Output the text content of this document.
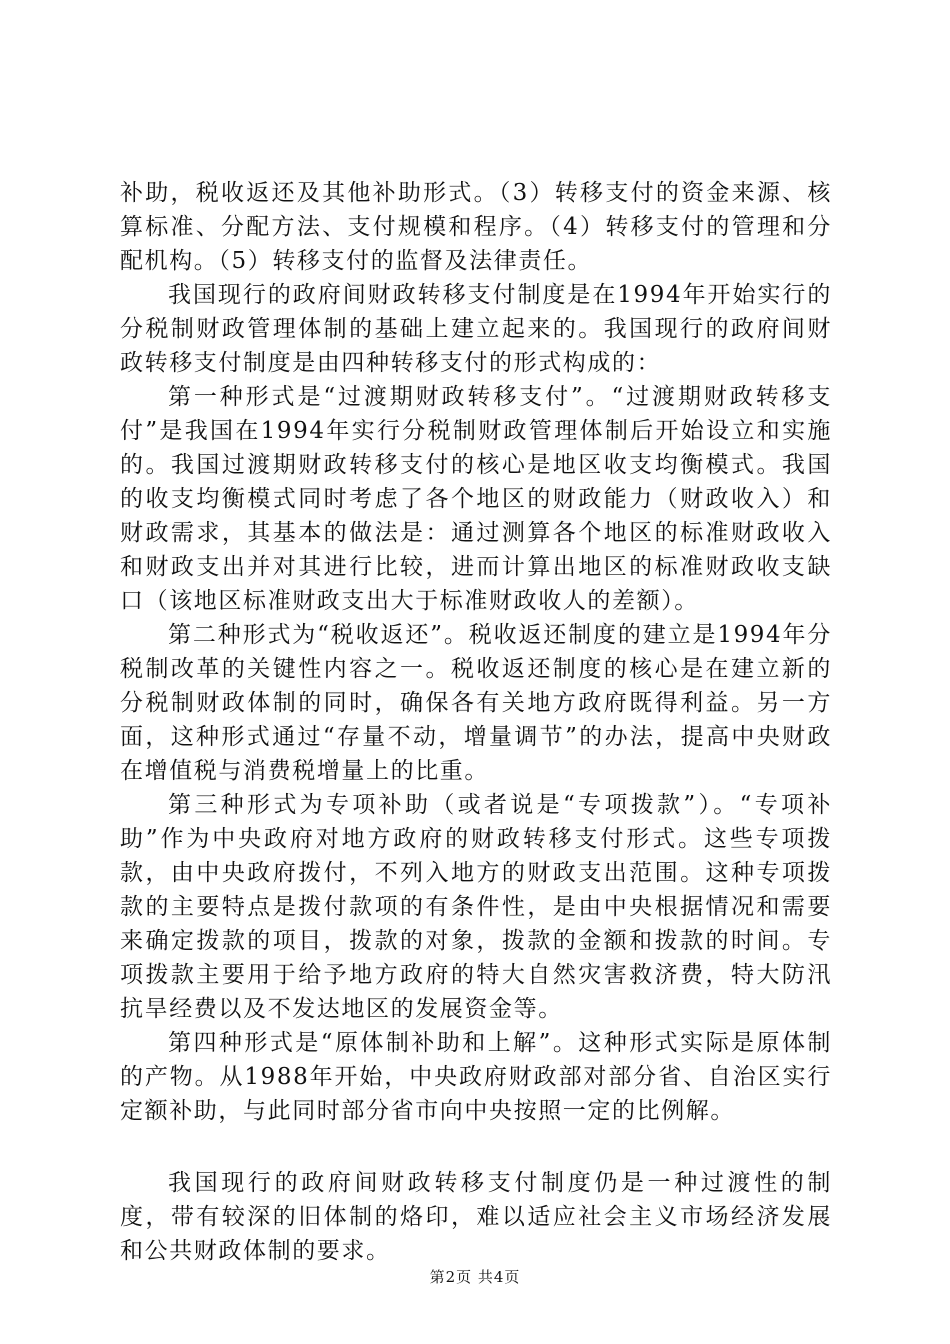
补助，税收返还及其他补助形式。（3）转移支付的资金来源、核算标准、分配方法、支付规模和程序。（4）转移支付的管理和分配机构。（5）转移支付的监督及法律责任。

我国现行的政府间财政转移支付制度是在1994年开始实行的分税制财政管理体制的基础上建立起来的。我国现行的政府间财政转移支付制度是由四种转移支付的形式构成的：

第一种形式是“过渡期财政转移支付”。“过渡期财政转移支付”是我国在1994年实行分税制财政管理体制后开始设立和实施的。我国过渡期财政转移支付的核心是地区收支均衡模式。我国的收支均衡模式同时考虑了各个地区的财政能力（财政收入）和财政需求，其基本的做法是：通过测算各个地区的标准财政收入和财政支出并对其进行比较，进而计算出地区的标准财政收支缺口（该地区标准财政支出大于标准财政收人的差额）。

第二种形式为“税收返还”。税收返还制度的建立是1994年分税制改革的关键性内容之一。税收返还制度的核心是在建立新的分税制财政体制的同时，确保各有关地方政府既得利益。另一方面，这种形式通过“存量不动，增量调节”的办法，提高中央财政在增值税与消费税增量上的比重。

第三种形式为专项补助（或者说是“专项拨款”）。“专项补助”作为中央政府对地方政府的财政转移支付形式。这些专项拨款，由中央政府拨付，不列入地方的财政支出范围。这种专项拨款的主要特点是拨付款项的有条件性，是由中央根据情况和需要来确定拨款的项目，拨款的对象，拨款的金额和拨款的时间。专项拨款主要用于给予地方政府的特大自然灾害救济费，特大防汛抗旱经费以及不发达地区的发展资金等。

第四种形式是“原体制补助和上解”。这种形式实际是原体制的产物。从1988年开始，中央政府财政部对部分省、自治区实行定额补助，与此同时部分省市向中央按照一定的比例解。

我国现行的政府间财政转移支付制度仍是一种过渡性的制度，带有较深的旧体制的烙印，难以适应社会主义市场经济发展和公共财政体制的要求。

第2页 共4页
